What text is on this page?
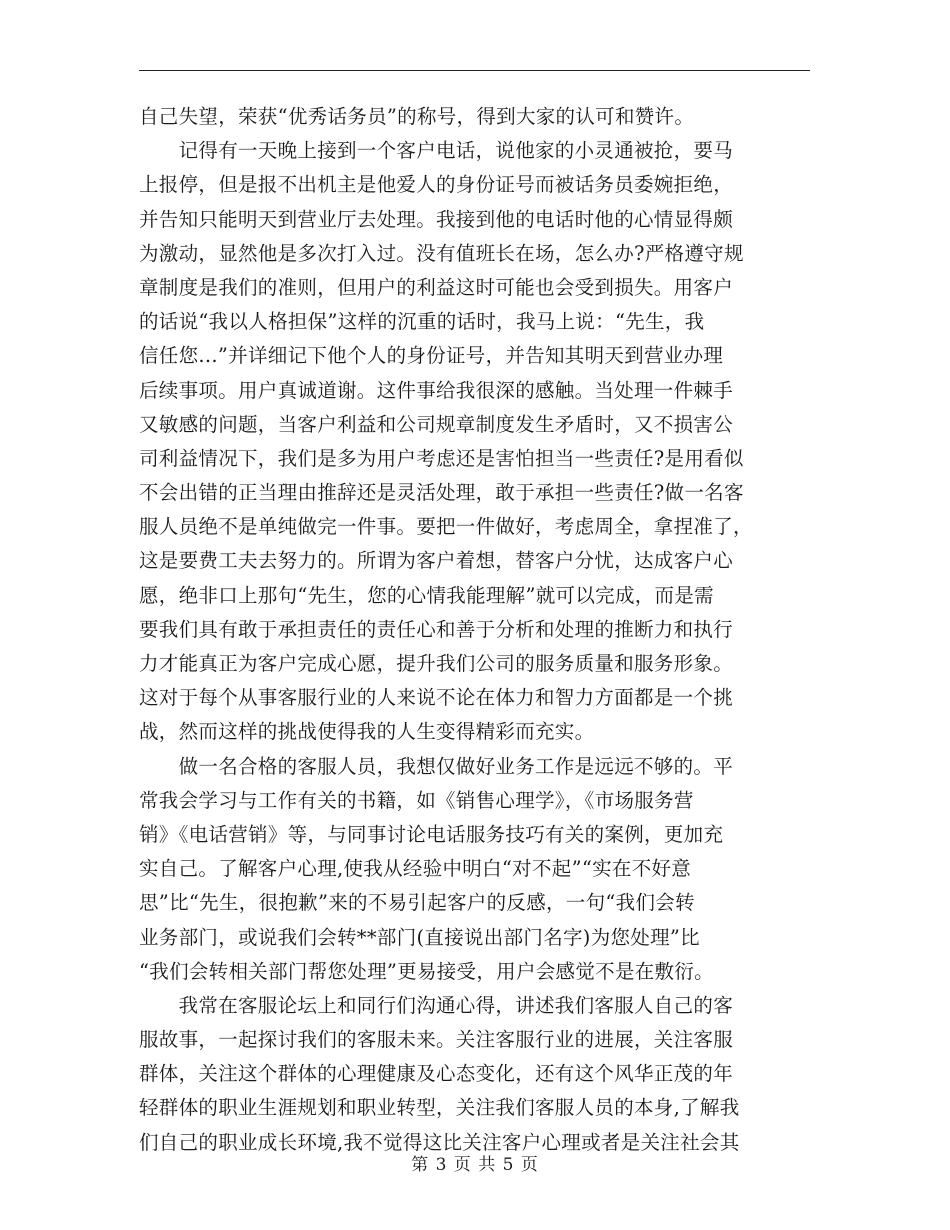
自己失望，荣获“优秀话务员”的称号，得到大家的认可和赞许。
　　记得有一天晚上接到一个客户电话，说他家的小灵通被抢，要马
上报停，但是报不出机主是他爱人的身份证号而被话务员委婉拒绝，
并告知只能明天到营业厅去处理。我接到他的电话时他的心情显得颇
为激动，显然他是多次打入过。没有值班长在场，怎么办?严格遵守规
章制度是我们的准则，但用户的利益这时可能也会受到损失。用客户
的话说“我以人格担保”这样的沉重的话时，我马上说：“先生，我
信任您...”并详细记下他个人的身份证号，并告知其明天到营业办理
后续事项。用户真诚道谢。这件事给我很深的感触。当处理一件棘手
又敏感的问题，当客户利益和公司规章制度发生矛盾时，又不损害公
司利益情况下，我们是多为用户考虑还是害怕担当一些责任?是用看似
不会出错的正当理由推辞还是灵活处理，敢于承担一些责任?做一名客
服人员绝不是单纯做完一件事。要把一件做好，考虑周全，拿捏准了，
这是要费工夫去努力的。所谓为客户着想，替客户分忧，达成客户心
愿，绝非口上那句“先生，您的心情我能理解”就可以完成，而是需
要我们具有敢于承担责任的责任心和善于分析和处理的推断力和执行
力才能真正为客户完成心愿，提升我们公司的服务质量和服务形象。
这对于每个从事客服行业的人来说不论在体力和智力方面都是一个挑
战，然而这样的挑战使得我的人生变得精彩而充实。
　　做一名合格的客服人员，我想仅做好业务工作是远远不够的。平
常我会学习与工作有关的书籍，如《销售心理学》，《市场服务营
销》《电话营销》等，与同事讨论电话服务技巧有关的案例，更加充
实自己。了解客户心理,使我从经验中明白“对不起”“实在不好意
思”比“先生，很抱歉”来的不易引起客户的反感，一句“我们会转
业务部门，或说我们会转**部门(直接说出部门名字)为您处理”比
“我们会转相关部门帮您处理”更易接受，用户会感觉不是在敷衍。
　　我常在客服论坛上和同行们沟通心得，讲述我们客服人自己的客
服故事，一起探讨我们的客服未来。关注客服行业的进展，关注客服
群体，关注这个群体的心理健康及心态变化，还有这个风华正茂的年
轻群体的职业生涯规划和职业转型，关注我们客服人员的本身,了解我
们自己的职业成长环境,我不觉得这比关注客户心理或者是关注社会其
第 3 页 共 5 页
